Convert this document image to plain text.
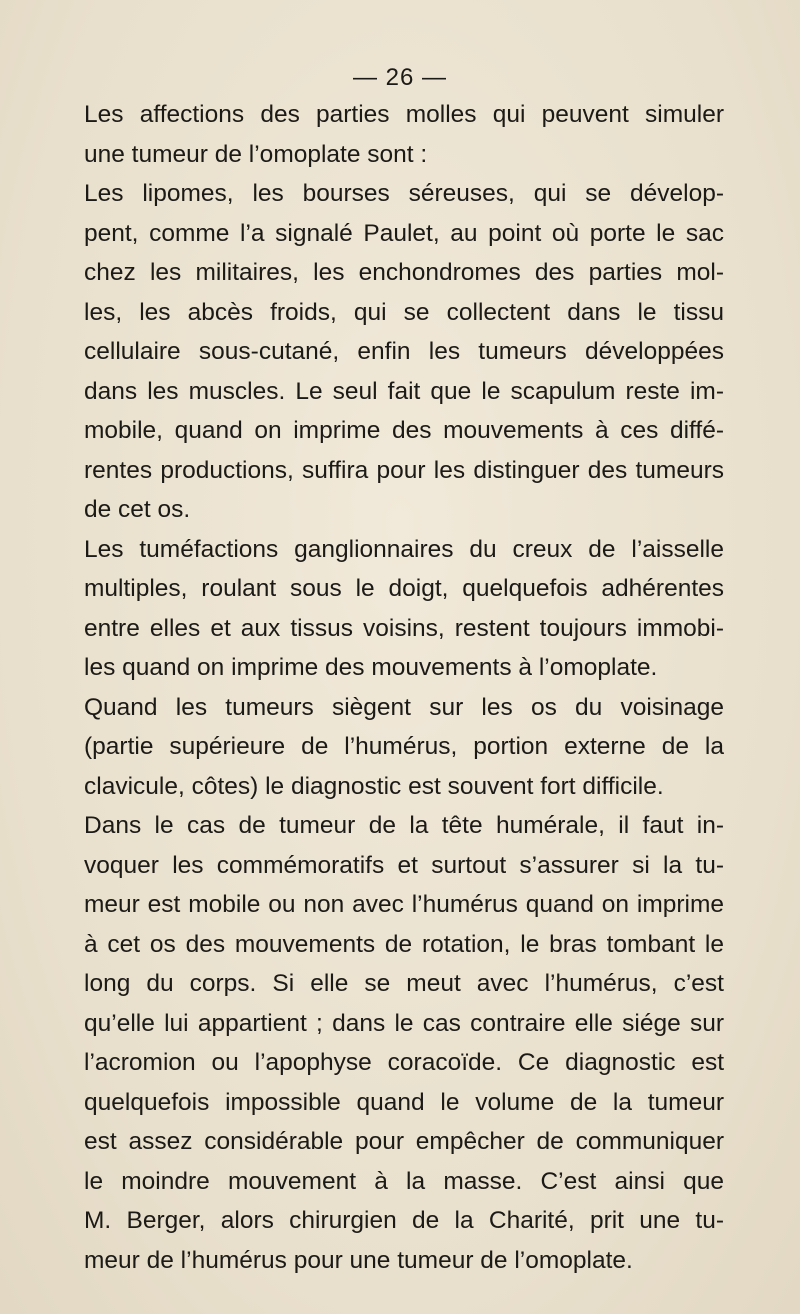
— 26 —
Les affections des parties molles qui peuvent simuler
une tumeur de l’omoplate sont :
Les lipomes, les bourses séreuses, qui se dévelop-
pent, comme l’a signalé Paulet, au point où porte le sac
chez les militaires, les enchondromes des parties mol-
les, les abcès froids, qui se collectent dans le tissu
cellulaire sous-cutané, enfin les tumeurs développées
dans les muscles. Le seul fait que le scapulum reste im-
mobile, quand on imprime des mouvements à ces diffé-
rentes productions, suffira pour les distinguer des tumeurs
de cet os.
Les tuméfactions ganglionnaires du creux de l’aisselle
multiples, roulant sous le doigt, quelquefois adhérentes
entre elles et aux tissus voisins, restent toujours immobi-
les quand on imprime des mouvements à l’omoplate.
Quand les tumeurs siègent sur les os du voisinage
(partie supérieure de l’humérus, portion externe de la
clavicule, côtes) le diagnostic est souvent fort difficile.
Dans le cas de tumeur de la tête humérale, il faut in-
voquer les commémoratifs et surtout s’assurer si la tu-
meur est mobile ou non avec l’humérus quand on imprime
à cet os des mouvements de rotation, le bras tombant le
long du corps. Si elle se meut avec l’humérus, c’est
qu’elle lui appartient ; dans le cas contraire elle siége sur
l’acromion ou l’apophyse coracoïde. Ce diagnostic est
quelquefois impossible quand le volume de la tumeur
est assez considérable pour empêcher de communiquer
le moindre mouvement à la masse. C’est ainsi que
M. Berger, alors chirurgien de la Charité, prit une tu-
meur de l’humérus pour une tumeur de l’omoplate.
